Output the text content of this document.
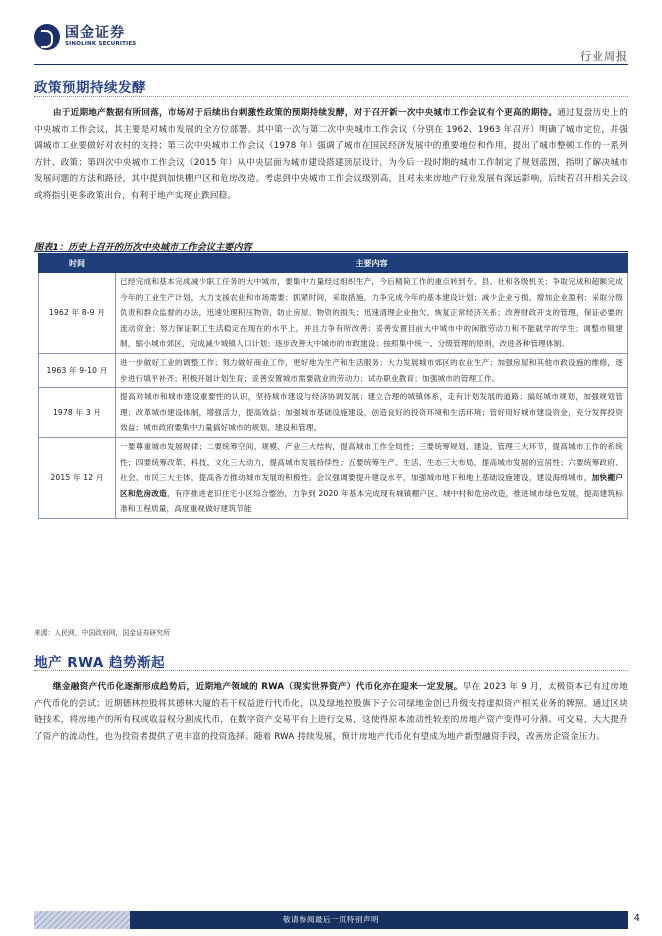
国金证券
SINOLINK SECURITIES
行业周报
政策预期持续发酵
由于近期地产数据有所回落，市场对于后续出台刺激性政策的预期持续发酵，对于召开新一次中央城市工作会议有个更高的期待。通过复盘历史上的中央城市工作会议，其主要是对城市发展的全方位部署。其中第一次与第二次中央城市工作会议（分别在 1962、1963 年召开）明确了城市定位，并强调城市工业要做好对农村的支持；第三次中央城市工作会议（1978 年）强调了城市在国民经济发展中的重要地位和作用，提出了城市整顿工作的一系列方针、政策；第四次中央城市工作会议（2015 年）从中央层面为城市建设搭建顶层设计，为今后一段时期的城市工作制定了规划蓝图，指明了解决城市发展问题的方法和路径，其中提到加快棚户区和危房改造。考虑到中央城市工作会议级别高，且对未来房地产行业发展有深远影响，后续若召开相关会议或将指引更多政策出台，有利于地产实现止跌回稳。
图表1：历史上召开的历次中央城市工作会议主要内容
时间	主要内容
1962 年 8-9 月	已经完成和基本完成减少职工任务的大中城市，要集中力量经过组织生产，今后精简工作的重点转到专、县、社和各级机关；争取完成和超额完成今年的工业生产计划，大力支援农业和市场需要；抓紧时间，采取措施，力争完成今年的基本建设计划；减少企业亏损，增加企业盈利；采取分级负责和群众监督的办法，迅速处理积压物资，防止房屋、物资的损失；迅速清理企业拖欠，恢复正常经济关系；改善财政开支的管理，保证必要的流动资金；努力保证职工生活稳定在现在的水平上，并且力争有所改善；妥善安置目前大中城市中的闲散劳动力和不能就学的学生；调整市镇建制，缩小城市郊区，完成减少城镇人口计划；逐步改善大中城市的市政建设；按照集中统一、分级管理的原则，改进各种管理体制。
1963 年 9-10 月	进一步做好工业的调整工作；努力做好商业工作，更好地为生产和生活服务；大力发展城市郊区的农业生产；加强房屋和其他市政设施的维修，逐步进行填平补齐；积极开展计划生育；妥善安置城市需要就业的劳动力；试办职业教育；加强城市的管理工作。
1978 年 3 月	提高对城市和城市建设重要性的认识，坚持城市建设与经济协调发展；建立合理的城镇体系，走有计划发展的道路；搞好城市规划，加强规划管理；改革城市建设体制，增强活力，提高效益；加强城市基础设施建设，创造良好的投资环境和生活环境；管好用好城市建设资金，充分发挥投资效益；城市政府要集中力量搞好城市的规划、建设和管理。
2015 年 12 月	一要尊重城市发展规律；二要统筹空间、规模、产业三大结构，提高城市工作全局性；三要统筹规划、建设、管理三大环节，提高城市工作的系统性；四要统筹改革、科技、文化三大动力，提高城市发展持续性；五要统筹生产、生活、生态三大布局，提高城市发展的宜居性；六要统筹政府、社会、市民三大主体，提高各方推动城市发展的积极性。会议强调要提升建设水平，加强城市地下和地上基础设施建设，建设海绵城市，加快棚户区和危房改造，有序推进老旧住宅小区综合整治，力争到 2020 年基本完成现有城镇棚户区、城中村和危房改造，推进城市绿色发展，提高建筑标准和工程质量，高度重视做好建筑节能
来源：人民网，中国政府网，国金证券研究所
地产 RWA 趋势渐起
继金融资产代币化逐渐形成趋势后，近期地产领域的 RWA（现实世界资产）代币化亦在迎来一定发展。早在 2023 年 9 月，太极资本已有过房地产代币化的尝试；近期德林控股将其德林大厦的若干权益进行代币化，以及绿地控股旗下子公司绿地金创已升级支持虚拟资产相关业务的牌照。通过区块链技术，将房地产的所有权或收益权分割成代币，在数字资产交易平台上进行交易，这使得原本流动性较差的房地产资产变得可分割、可交易，大大提升了资产的流动性，也为投资者提供了更丰富的投资选择。随着 RWA 持续发展，预计房地产代币化有望成为地产新型融资手段，改善房企资金压力。
敬请参阅最后一页特别声明	4
